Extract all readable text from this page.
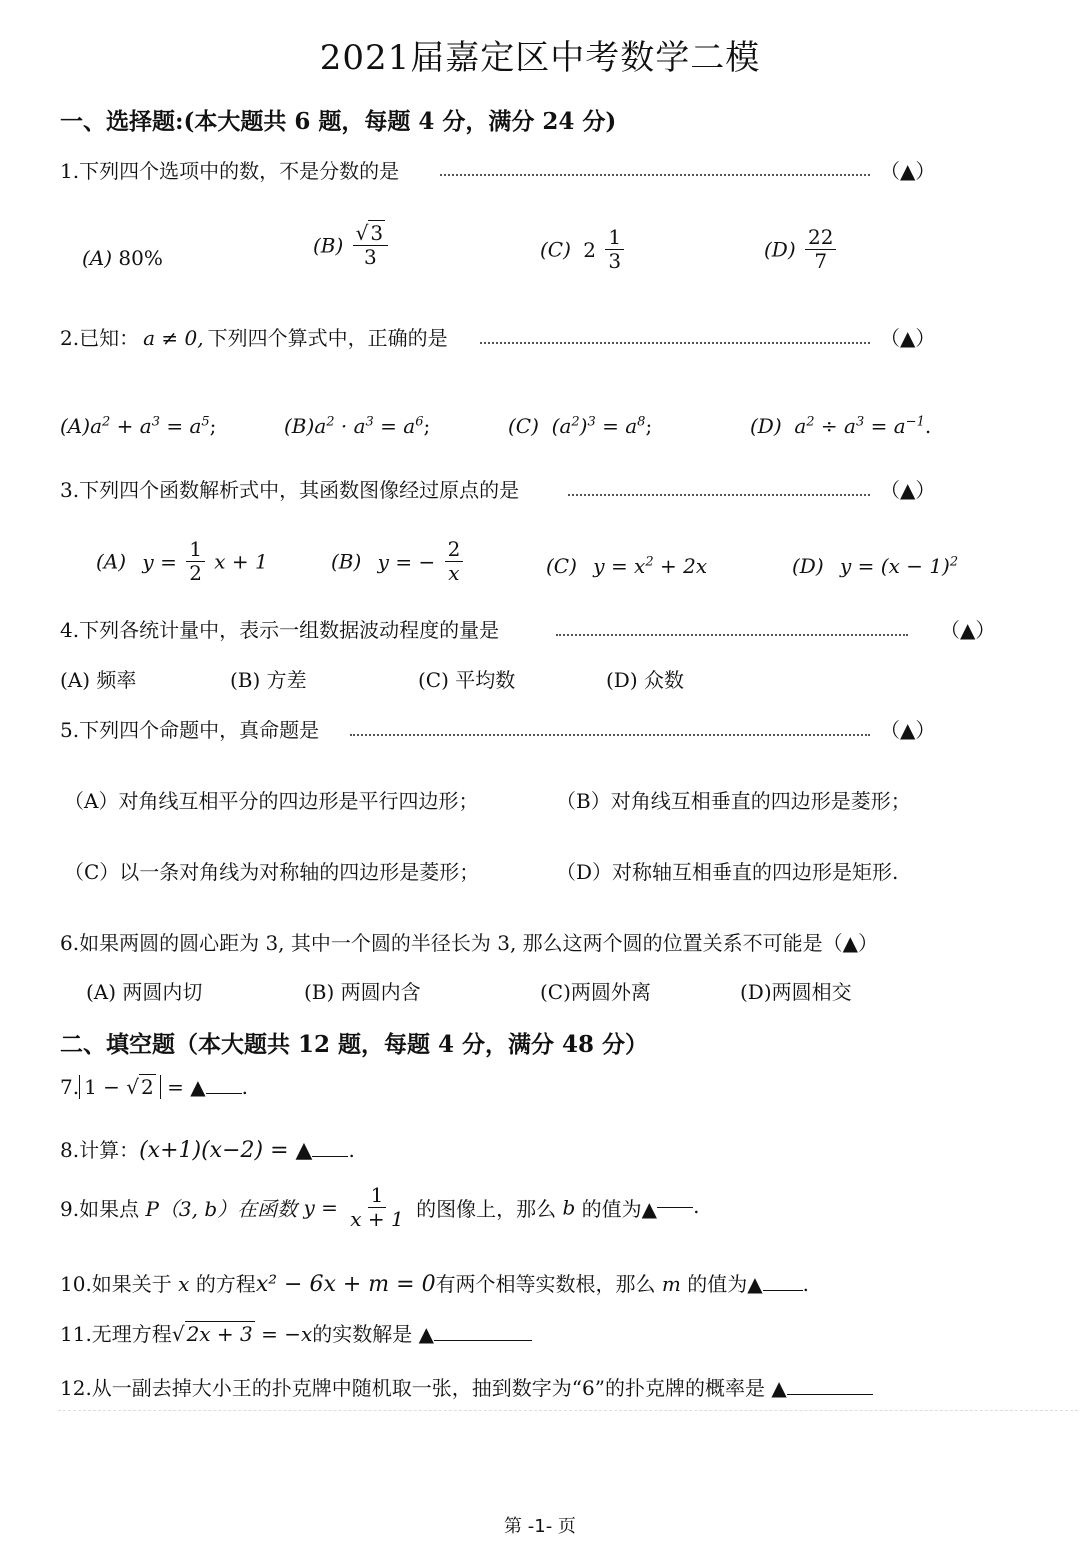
2021届嘉定区中考数学二模
一、选择题:(本大题共 6 题，每题 4 分，满分 24 分)
1.下列四个选项中的数，不是分数的是	（▲）
(A) 80%
$(B) \frac{√ 3}{3}$	(C) $2 \frac{1}{3}$	$(D) \frac{22}{7}$
2.已知： a ≠ 0, 下列四个算式中，正确的是	（▲）
$(A)a^2 + a^3 = a^5$;	$(B)a^2 \cdot a^3 = a^6$;	(C) $(a^2)^3 = a^8$;	(D) $a^2 \div a^3 = a^{-1}$.
3.下列四个函数解析式中，其函数图像经过原点的是	（▲）
(A) $y = \frac{1}{2}$ x + 1	(B) y = − $\frac{2}{x}$	(C) $y = x^2 + 2x$	(D) $y = (x - 1)^2$
4.下列各统计量中，表示一组数据波动程度的量是	（▲）
(A) 频率	(B) 方差	(C) 平均数	(D) 众数
5.下列四个命题中，真命题是	（▲）
（A）对角线互相平分的四边形是平行四边形；	（B）对角线互相垂直的四边形是菱形；
（C）以一条对角线为对称轴的四边形是菱形；	（D）对称轴互相垂直的四边形是矩形.
6.如果两圆的圆心距为 3, 其中一个圆的半径长为 3, 那么这两个圆的位置关系不可能是（▲）
(A) 两圆内切	(B) 两圆内含	(C)两圆外离	(D)两圆相交
二、填空题（本大题共 12 题，每题 4 分，满分 48 分）
7. 1 − √ 2 = ▲ .
8.计算：(x+1)(x−2) = ▲ .
9.如果点 P（3, b）在函数 $y = \frac{1}{x + 1}$ 的图像上，那么 b 的值为▲ .
10.如果关于 x 的方程x² − 6x + m = 0有两个相等实数根，那么 m 的值为▲ .
11.无理方程√ 2x + 3 = −x的实数解是 ▲
12.从一副去掉大小王的扑克牌中随机取一张，抽到数字为“6”的扑克牌的概率是 ▲
第 -1- 页
